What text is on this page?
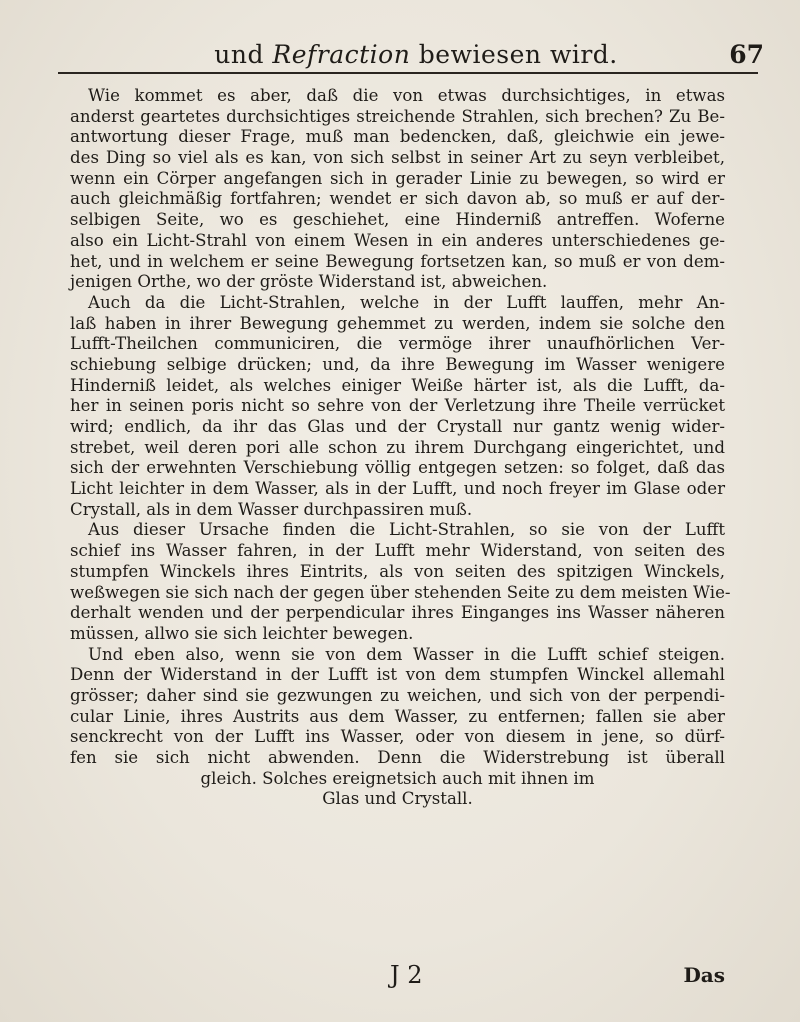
und Refraction bewiesen wird.	67
Wie kommet es aber, daß die von etwas durchsichtiges, in etwas
anderst geartetes durchsichtiges streichende Strahlen, sich brechen? Zu Be-
antwortung dieser Frage, muß man bedencken, daß, gleichwie ein jewe-
des Ding so viel als es kan, von sich selbst in seiner Art zu seyn verbleibet,
wenn ein Cörper angefangen sich in gerader Linie zu bewegen, so wird er
auch gleichmäßig fortfahren; wendet er sich davon ab, so muß er auf der-
selbigen Seite, wo es geschiehet, eine Hinderniß antreffen. Woferne
also ein Licht-Strahl von einem Wesen in ein anderes unterschiedenes ge-
het, und in welchem er seine Bewegung fortsetzen kan, so muß er von dem-
jenigen Orthe, wo der gröste Widerstand ist, abweichen.
Auch da die Licht-Strahlen, welche in der Lufft lauffen, mehr An-
laß haben in ihrer Bewegung gehemmet zu werden, indem sie solche den
Lufft-Theilchen communiciren, die vermöge ihrer unaufhörlichen Ver-
schiebung selbige drücken; und, da ihre Bewegung im Wasser wenigere
Hinderniß leidet, als welches einiger Weiße härter ist, als die Lufft, da-
her in seinen poris nicht so sehre von der Verletzung ihre Theile verrücket
wird; endlich, da ihr das Glas und der Crystall nur gantz wenig wider-
strebet, weil deren pori alle schon zu ihrem Durchgang eingerichtet, und
sich der erwehnten Verschiebung völlig entgegen setzen: so folget, daß das
Licht leichter in dem Wasser, als in der Lufft, und noch freyer im Glase oder
Crystall, als in dem Wasser durchpassiren muß.
Aus dieser Ursache finden die Licht-Strahlen, so sie von der Lufft
schief ins Wasser fahren, in der Lufft mehr Widerstand, von seiten des
stumpfen Winckels ihres Eintrits, als von seiten des spitzigen Winckels,
weßwegen sie sich nach der gegen über stehenden Seite zu dem meisten Wie-
derhalt wenden und der perpendicular ihres Einganges ins Wasser näheren
müssen, allwo sie sich leichter bewegen.
Und eben also, wenn sie von dem Wasser in die Lufft schief steigen.
Denn der Widerstand in der Lufft ist von dem stumpfen Winckel allemahl
grösser; daher sind sie gezwungen zu weichen, und sich von der perpendi-
cular Linie, ihres Austrits aus dem Wasser, zu entfernen; fallen sie aber
senckrecht von der Lufft ins Wasser, oder von diesem in jene, so dürf-
fen sie sich nicht abwenden. Denn die Widerstrebung ist überall
gleich. Solches ereignetsich auch mit ihnen im
Glas und Crystall.
J 2	Das
